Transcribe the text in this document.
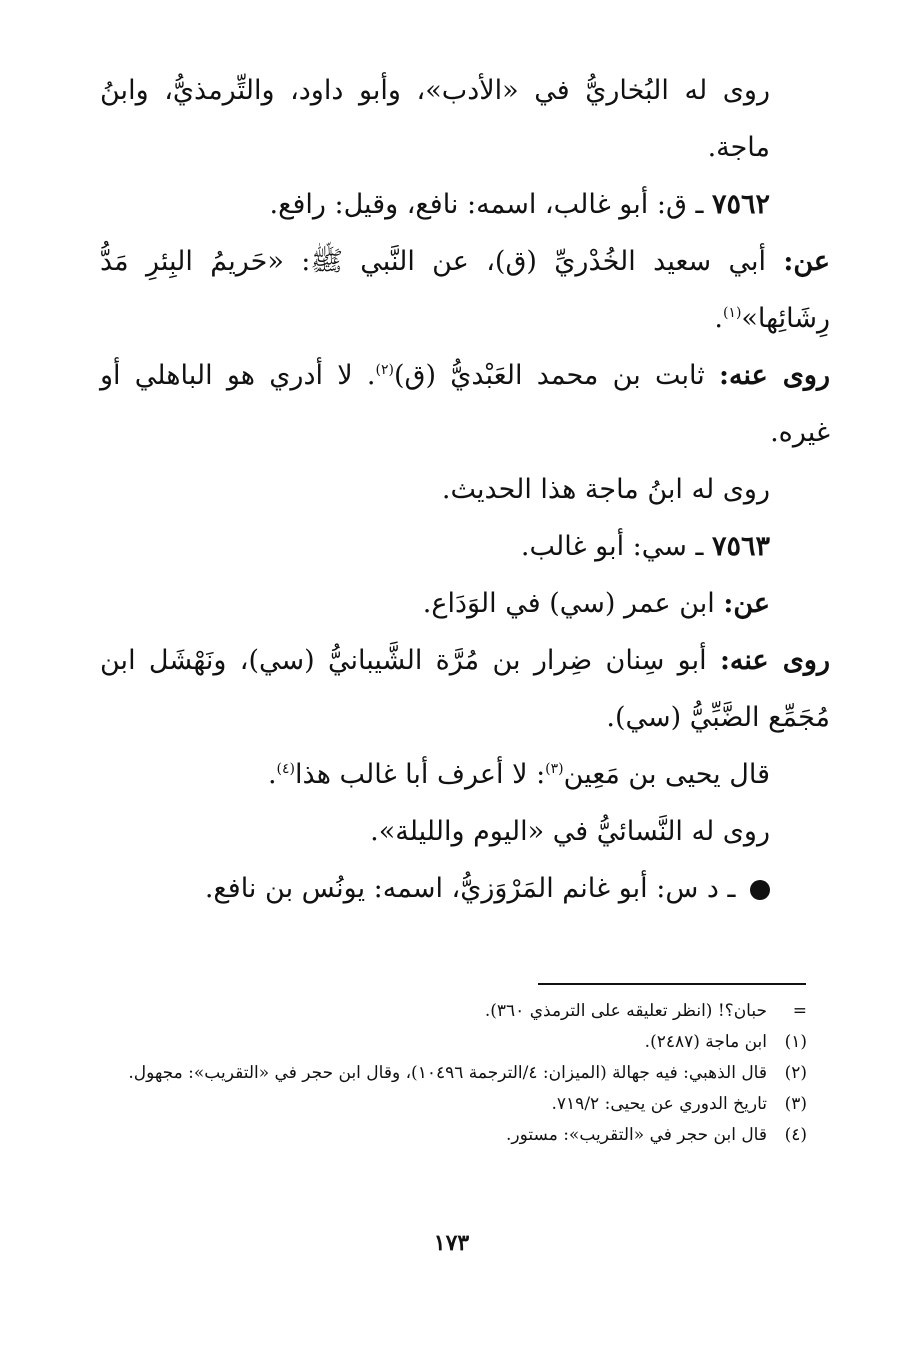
روى له البُخاريُّ في «الأدب»، وأبو داود، والتِّرمذيُّ، وابنُ ماجة.

٧٥٦٢ ـ ق: أبو غالب، اسمه: نافع، وقيل: رافع.

عن: أبي سعيد الخُدْريِّ (ق)، عن النَّبي ﷺ: «حَريمُ البِئرِ مَدُّ رِشَائِها»$^{(١)}$.

روى عنه: ثابت بن محمد العَبْديُّ (ق)$^{(٢)}$. لا أدري هو الباهلي أو غيره.

روى له ابنُ ماجة هذا الحديث.

٧٥٦٣ ـ سي: أبو غالب.

عن: ابن عمر (سي) في الوَدَاع.

روى عنه: أبو سِنان ضِرار بن مُرَّة الشَّيبانيُّ (سي)، ونَهْشَل ابن مُجَمِّع الضَّبِّيُّ (سي).

قال يحيى بن مَعِين$^{(٣)}$: لا أعرف أبا غالب هذا$^{(٤)}$.

روى له النَّسائيُّ في «اليوم والليلة».

ـ د س: أبو غانم المَرْوَزيُّ، اسمه: يونُس بن نافع.

=
حبان؟! (انظر تعليقه على الترمذي ٣٦٠).
(١)
ابن ماجة (٢٤٨٧).
(٢)
قال الذهبي: فيه جهالة (الميزان: ٤/الترجمة ١٠٤٩٦)، وقال ابن حجر في «التقريب»: مجهول.
(٣)
تاريخ الدوري عن يحيى: ٧١٩/٢.
(٤)
قال ابن حجر في «التقريب»: مستور.
١٧٣
